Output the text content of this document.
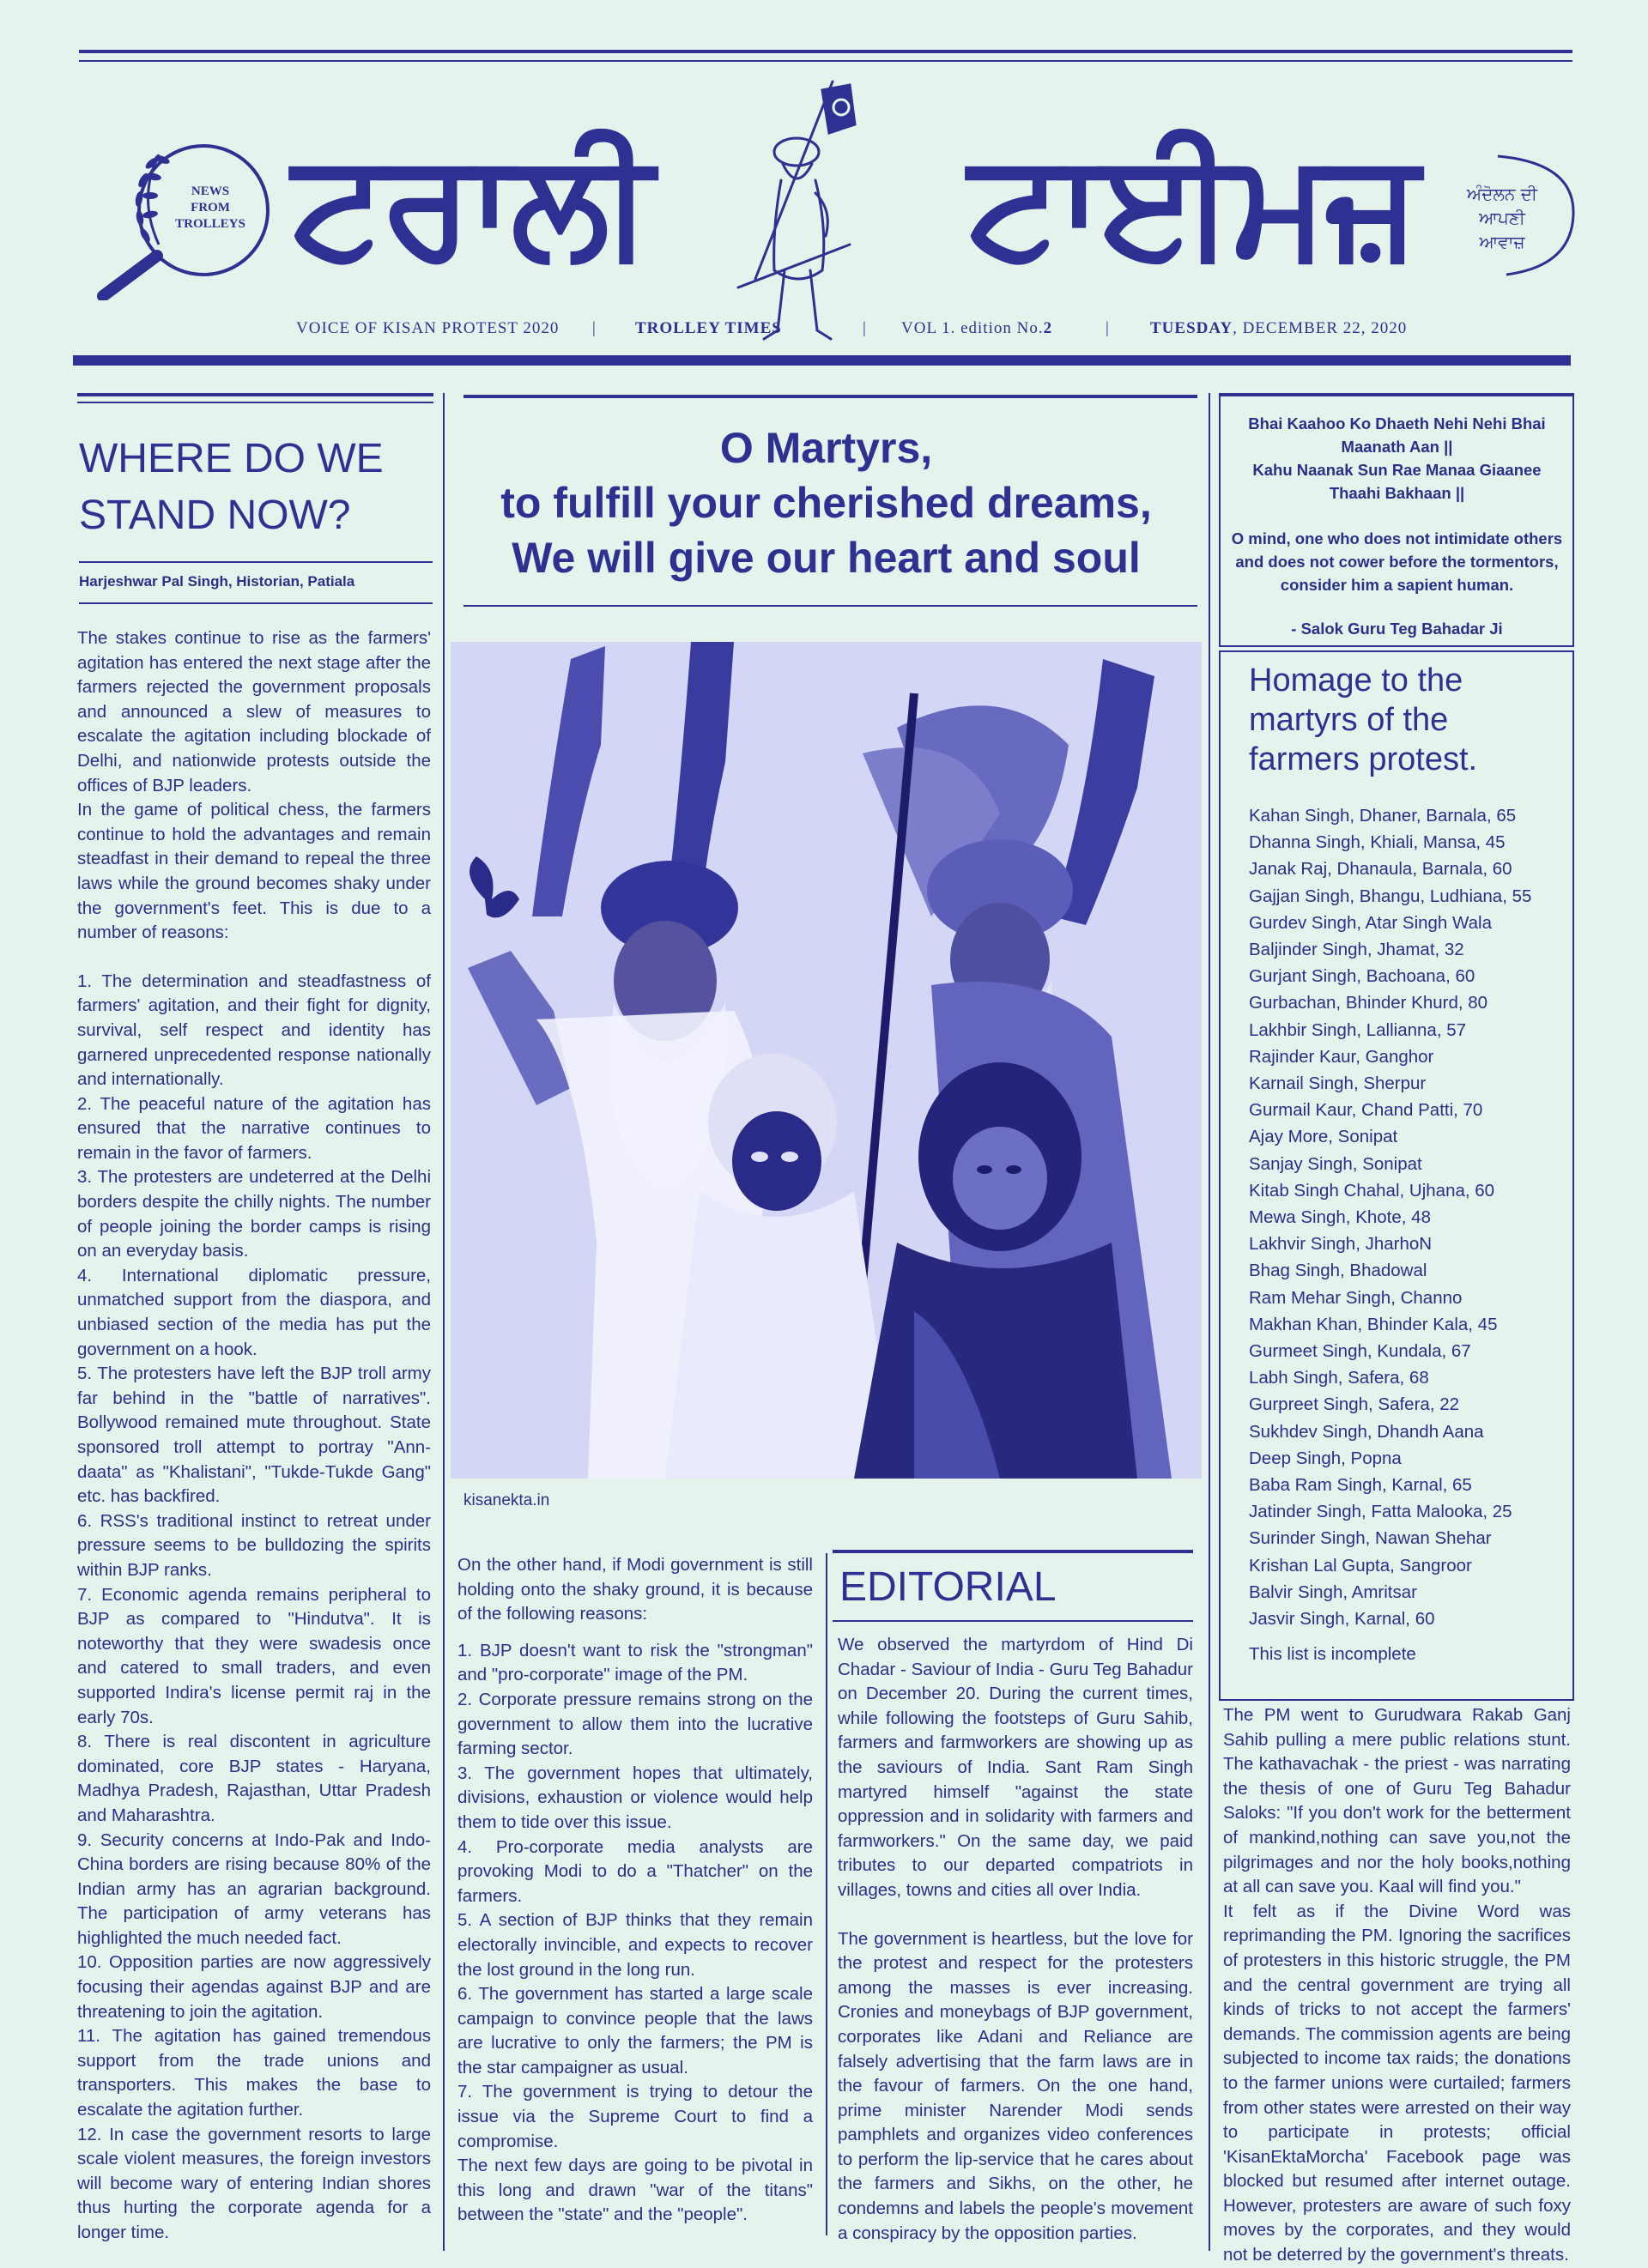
NEWS
FROM
TROLLEYS ਟਰਾਲੀ ਟਾਈਮਜ਼	ਅੰਦੋਲਨ ਦੀ
ਆਪਣੀ
ਆਵਾਜ਼
VOICE OF KISAN PROTEST 2020 | TROLLEY TIMES	| VOL 1. edition No.2	| TUESDAY, DECEMBER 22, 2020
WHERE DO WE
STAND NOW?
Harjeshwar Pal Singh, Historian, Patiala

The stakes continue to rise as the farmers' agitation has entered the next stage after the farmers rejected the government proposals and announced a slew of measures to escalate the agitation including blockade of Delhi, and nationwide protests outside the offices of BJP leaders.

In the game of political chess, the farmers continue to hold the advantages and remain steadfast in their demand to repeal the three laws while the ground becomes shaky under the government's feet. This is due to a number of reasons:

1. The determination and steadfastness of farmers' agitation, and their fight for dignity, survival, self respect and identity has garnered unprecedented response nationally and internationally.

2. The peaceful nature of the agitation has ensured that the narrative continues to remain in the favor of farmers.

3. The protesters are undeterred at the Delhi borders despite the chilly nights. The number of people joining the border camps is rising on an everyday basis.

4. International diplomatic pressure, unmatched support from the diaspora, and unbiased section of the media has put the government on a hook.

5. The protesters have left the BJP troll army far behind in the "battle of narratives". Bollywood remained mute throughout. State sponsored troll attempt to portray "Ann-daata" as "Khalistani", "Tukde-Tukde Gang" etc. has backfired.

6. RSS's traditional instinct to retreat under pressure seems to be bulldozing the spirits within BJP ranks.

7. Economic agenda remains peripheral to BJP as compared to "Hindutva". It is noteworthy that they were swadesis once and catered to small traders, and even supported Indira's license permit raj in the early 70s.

8. There is real discontent in agriculture dominated, core BJP states - Haryana, Madhya Pradesh, Rajasthan, Uttar Pradesh and Maharashtra.

9. Security concerns at Indo-Pak and Indo-China borders are rising because 80% of the Indian army has an agrarian background. The participation of army veterans has highlighted the much needed fact.

10. Opposition parties are now aggressively focusing their agendas against BJP and are threatening to join the agitation.

11. The agitation has gained tremendous support from the trade unions and transporters. This makes the base to escalate the agitation further.

12. In case the government resorts to large scale violent measures, the foreign investors will become wary of entering Indian shores thus hurting the corporate agenda for a longer time.

O Martyrs,
to fulfill your cherished dreams,
We will give our heart and soul
kisanekta.in

On the other hand, if Modi government is still holding onto the shaky ground, it is because of the following reasons:

1. BJP doesn't want to risk the "strongman" and "pro-corporate" image of the PM.

2. Corporate pressure remains strong on the government to allow them into the lucrative farming sector.

3. The government hopes that ultimately, divisions, exhaustion or violence would help them to tide over this issue.

4. Pro-corporate media analysts are provoking Modi to do a "Thatcher" on the farmers.

5. A section of BJP thinks that they remain electorally invincible, and expects to recover the lost ground in the long run.

6. The government has started a large scale campaign to convince people that the laws are lucrative to only the farmers; the PM is the star campaigner as usual.

7. The government is trying to detour the issue via the Supreme Court to find a compromise.

The next few days are going to be pivotal in this long and drawn "war of the titans" between the "state" and the "people".

EDITORIAL

We observed the martyrdom of Hind Di Chadar - Saviour of India - Guru Teg Bahadur on December 20. During the current times, while following the footsteps of Guru Sahib, farmers and farmworkers are showing up as the saviours of India. Sant Ram Singh martyred himself "against the state oppression and in solidarity with farmers and farmworkers." On the same day, we paid tributes to our departed compatriots in villages, towns and cities all over India.

The government is heartless, but the love for the protest and respect for the protesters among the masses is ever increasing. Cronies and moneybags of BJP government, corporates like Adani and Reliance are falsely advertising that the farm laws are in the favour of farmers. On the one hand, prime minister Narender Modi sends pamphlets and organizes video conferences to perform the lip-service that he cares about the farmers and Sikhs, on the other, he condemns and labels the people's movement a conspiracy by the opposition parties.

Bhai Kaahoo Ko Dhaeth Nehi Nehi Bhai
Maanath Aan ||
Kahu Naanak Sun Rae Manaa Giaanee
Thaahi Bakhaan ||
O mind, one who does not intimidate others and does not cower before the tormentors, consider him a sapient human.
- Salok Guru Teg Bahadar Ji
Homage to the martyrs of the farmers protest.
Kahan Singh, Dhaner, Barnala, 65
Dhanna Singh, Khiali, Mansa, 45
Janak Raj, Dhanaula, Barnala, 60
Gajjan Singh, Bhangu, Ludhiana, 55
Gurdev Singh, Atar Singh Wala
Baljinder Singh, Jhamat, 32
Gurjant Singh, Bachoana, 60
Gurbachan, Bhinder Khurd, 80
Lakhbir Singh, Lallianna, 57
Rajinder Kaur, Ganghor
Karnail Singh, Sherpur
Gurmail Kaur, Chand Patti, 70
Ajay More, Sonipat
Sanjay Singh, Sonipat
Kitab Singh Chahal, Ujhana, 60
Mewa Singh, Khote, 48
Lakhvir Singh, JharhoN
Bhag Singh, Bhadowal
Ram Mehar Singh, Channo
Makhan Khan, Bhinder Kala, 45
Gurmeet Singh, Kundala, 67
Labh Singh, Safera, 68
Gurpreet Singh, Safera, 22
Sukhdev Singh, Dhandh Aana
Deep Singh, Popna
Baba Ram Singh, Karnal, 65
Jatinder Singh, Fatta Malooka, 25
Surinder Singh, Nawan Shehar
Krishan Lal Gupta, Sangroor
Balvir Singh, Amritsar
Jasvir Singh, Karnal, 60
This list is incomplete

The PM went to Gurudwara Rakab Ganj Sahib pulling a mere public relations stunt. The kathavachak - the priest - was narrating the thesis of one of Guru Teg Bahadur Saloks: "If you don't work for the betterment of mankind,nothing can save you,not the pilgrimages and nor the holy books,nothing at all can save you. Kaal will find you."

It felt as if the Divine Word was reprimanding the PM. Ignoring the sacrifices of protesters in this historic struggle, the PM and the central government are trying all kinds of tricks to not accept the farmers' demands. The commission agents are being subjected to income tax raids; the donations to the farmer unions were curtailed; farmers from other states were arrested on their way to participate in protests; official 'KisanEktaMorcha' Facebook page was blocked but resumed after internet outage. However, protesters are aware of such foxy moves by the corporates, and they would not be deterred by the government's threats.
